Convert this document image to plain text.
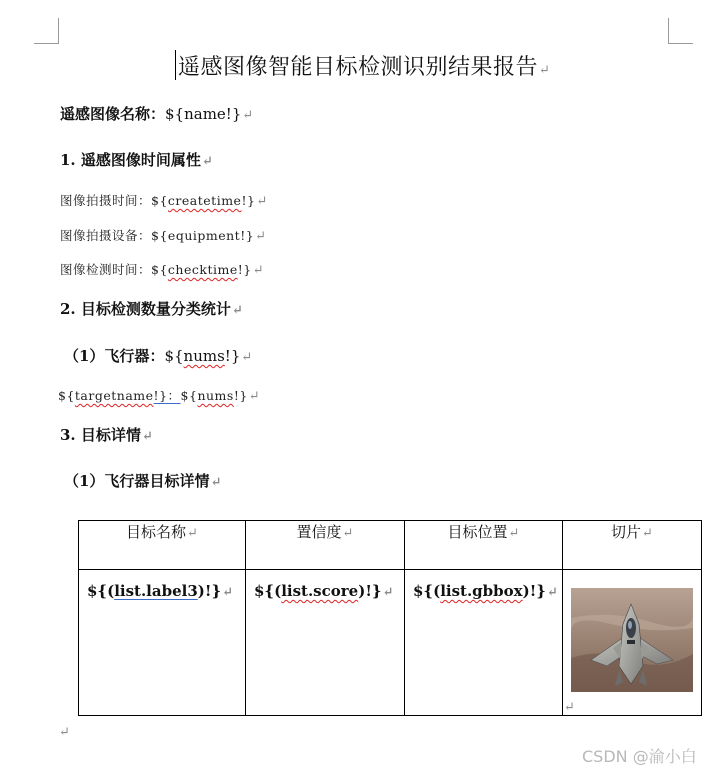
遥感图像智能目标检测识别结果报告↵
遥感图像名称：${name!}↵
1. 遥感图像时间属性↵
图像拍摄时间：${createtime!}↵
图像拍摄设备：${equipment!}↵
图像检测时间：${checktime!}↵
2. 目标检测数量分类统计↵
（1）飞行器：${nums!}↵
${targetname!}：${nums!}↵
3. 目标详情↵
（1）飞行器目标详情↵
目标名称↵	置信度↵	目标位置↵	切片↵

${(list.label3)!}↵	${(list.score)!}↵	${(list.gbbox)!}↵	↵
↵
CSDN @渝小白
